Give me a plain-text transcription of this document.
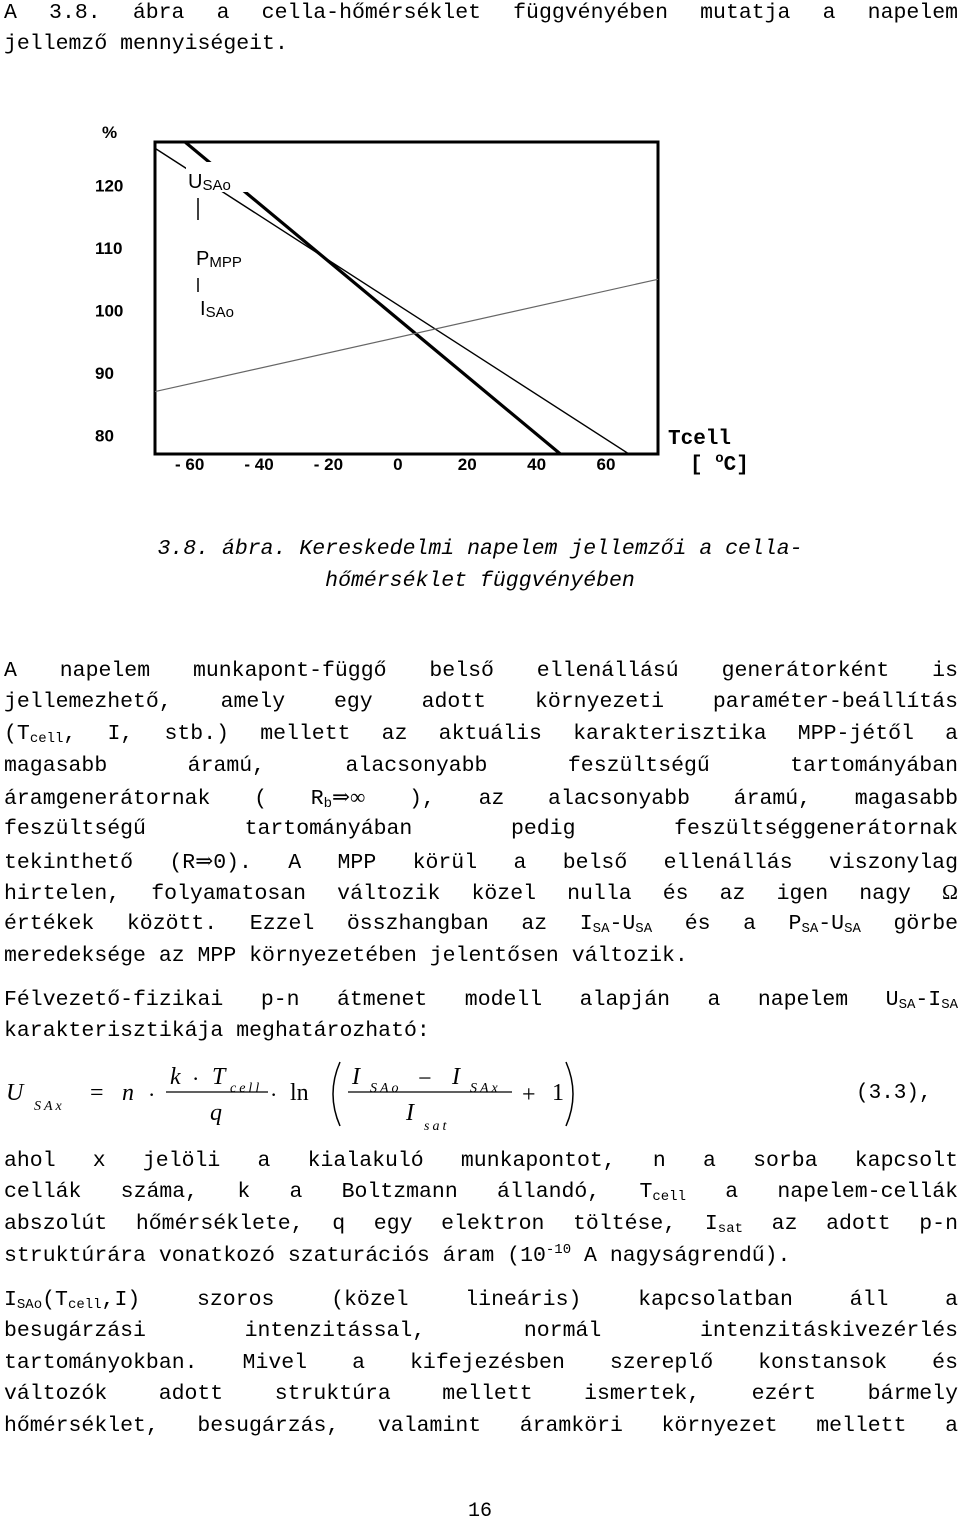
A 3.8. ábra a cella-hőmérséklet függvényében mutatja a napelem
jellemző mennyiségeit.
%
120
110
100
90
80
USAo
PMPP
ISAo
- 60 - 40 - 20	0	20	40	60
Tcell
[ $^o$C]
3.8. ábra. Kereskedelmi napelem jellemzői a cella-
hőmérséklet függvényében
A napelem munkapont-függő belső ellenállású generátorként is
jellemezhető, amely egy adott környezeti paraméter-beállítás
($T_{cell}$, I, stb.) mellett az aktuális karakterisztika MPP-jétől a
magasabb áramú, alacsonyabb feszültségű tartományában
áramgenerátornak ( $R_b\Rightarrow\infty$ ), az alacsonyabb áramú, magasabb
feszültségű tartományában pedig feszültséggenerátornak
tekinthető (R⇒0). A MPP körül a belső ellenállás viszonylag
hirtelen, folyamatosan változik közel nulla és az igen nagy Ω
értékek között. Ezzel összhangban az $I_{SA}-U_{SA}$ és a $P_{SA}-U_{SA}$ görbe
meredeksége az MPP környezetében jelentősen változik.
Félvezető-fizikai p-n átmenet modell alapján a napelem $U_{SA}-I_{SA}$
karakterisztikája meghatározható:
U
SAx
= n ·
k · T cell
q
· ln
I SAo − I SAx
I
sat
+ 1	(3.3),
ahol x jelöli a kialakuló munkapontot, n a sorba kapcsolt
cellák száma, k a Boltzmann állandó, $T_{cell}$ a napelem-cellák
abszolút hőmérséklete, q egy elektron töltése, $I_{sat}$ az adott p-n
struktúrára vonatkozó szaturációs áram ($10^{-10}$ A nagyságrendű).
$I_{SAo}(T_{cell},I)$ szoros (közel lineáris) kapcsolatban áll a
besugárzási intenzitással, normál intenzitáskivezérlés
tartományokban. Mivel a kifejezésben szereplő konstansok és
változók adott struktúra mellett ismertek, ezért bármely
hőmérséklet, besugárzás, valamint áramköri környezet mellett a
16
